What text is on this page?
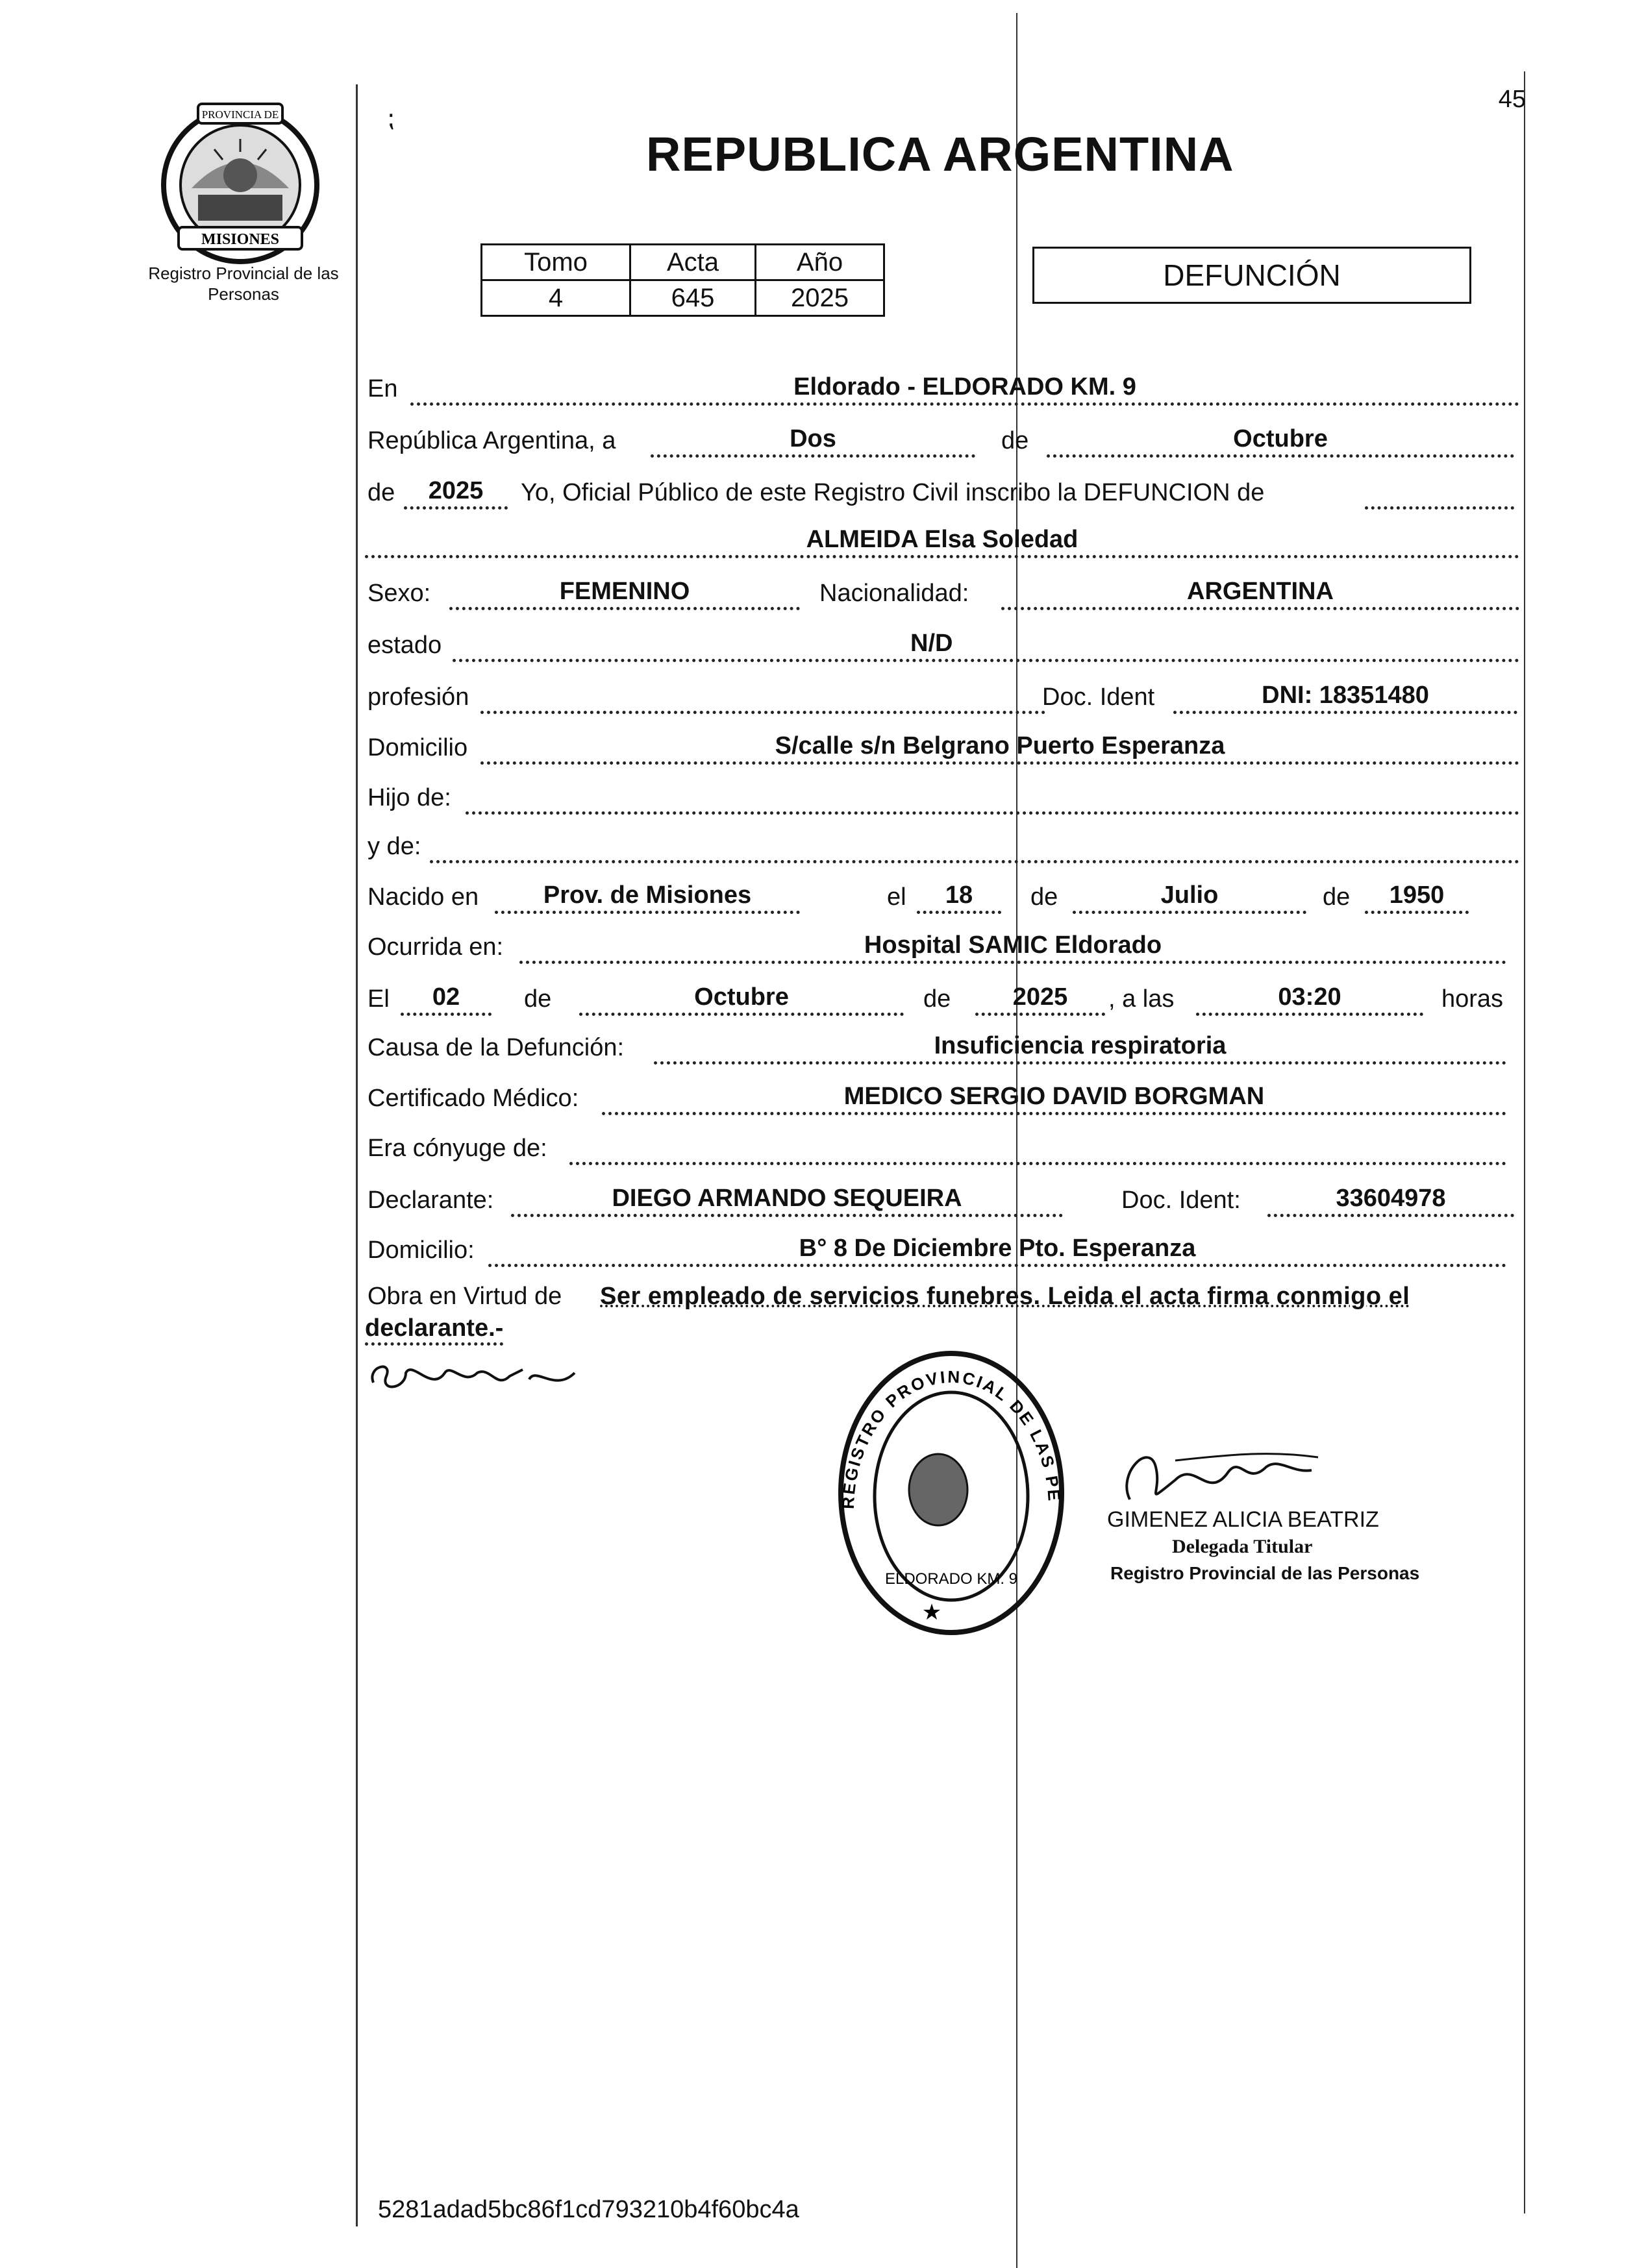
PROVINCIA DE
MISIONES
Registro Provincial de las Personas
⁏
45
REPUBLICA ARGENTINA
Tomo	Acta	Año
4	645	2025
DEFUNCIÓN
En	Eldorado - ELDORADO KM. 9
República Argentina, a	Dos	de	Octubre
de	2025	Yo, Oficial Público de este Registro Civil inscribo la DEFUNCION de
ALMEIDA Elsa Soledad
Sexo:	FEMENINO	Nacionalidad:	ARGENTINA
estado	N/D
profesión	Doc. Ident	DNI: 18351480
Domicilio	S/calle s/n Belgrano Puerto Esperanza
Hijo de:
y de:
Nacido en	Prov. de Misiones	el	18	de	Julio	de	1950
Ocurrida en:	Hospital SAMIC Eldorado
El	02	de	Octubre	de	2025	, a las	03:20	horas
Causa de la Defunción:	Insuficiencia respiratoria
Certificado Médico:	MEDICO SERGIO DAVID BORGMAN
Era cónyuge de:
Declarante:	DIEGO ARMANDO SEQUEIRA	Doc. Ident:	33604978
Domicilio:	B° 8 De Diciembre Pto. Esperanza
Obra en Virtud de Ser empleado de servicios funebres. Leida el acta firma conmigo el
declarante.-
SEQUEIRA
REGISTRO PROVINCIAL DE LAS PE
ELDORADO KM. 9
★
GIMENEZ ALICIA BEATRIZ
Delegada Titular
Registro Provincial de las Personas
5281adad5bc86f1cd793210b4f60bc4a
